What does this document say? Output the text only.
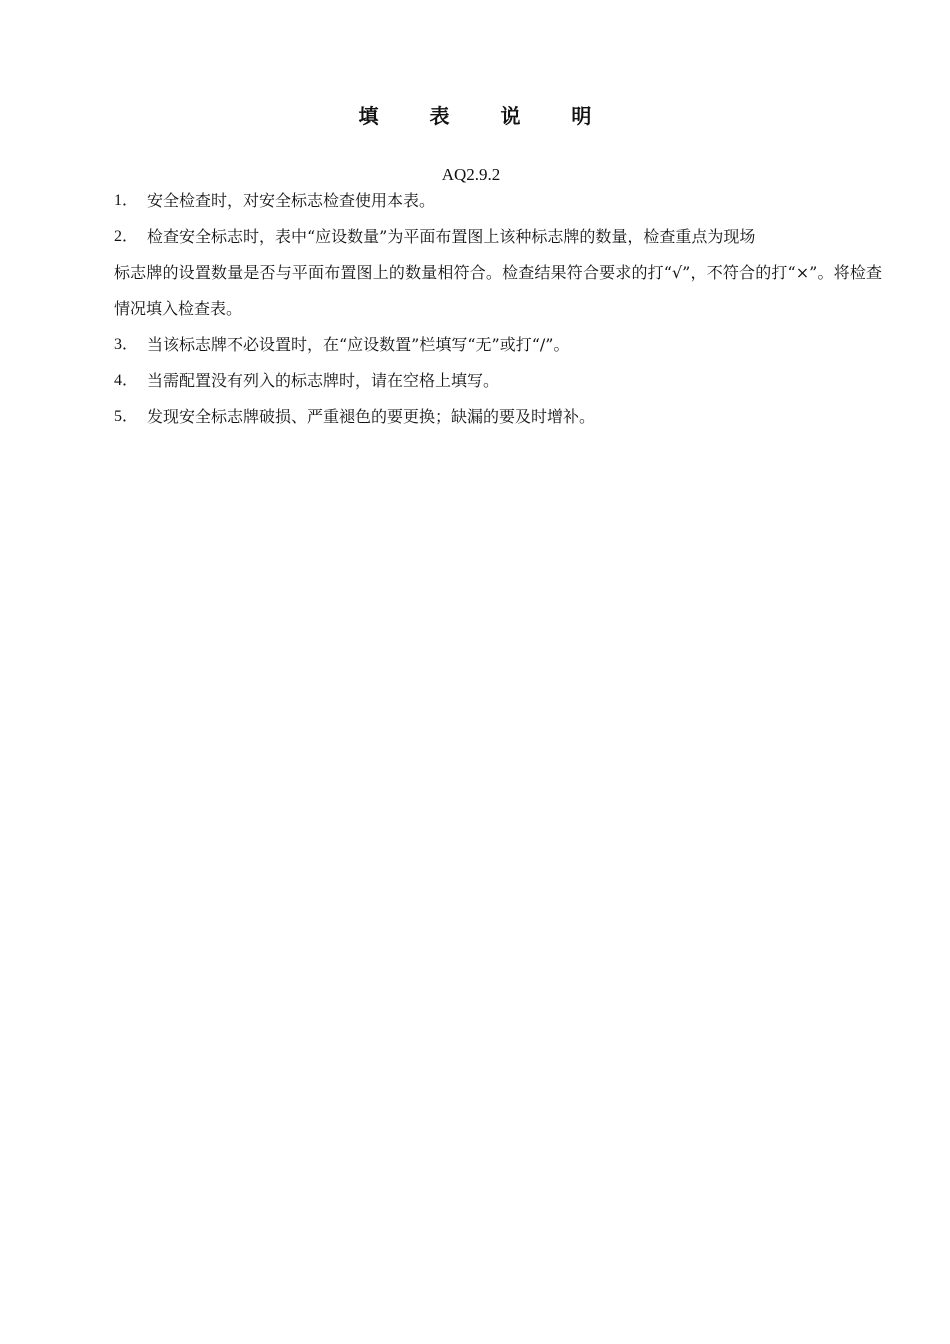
填 表 说 明
AQ2.9.2
1． 安全检查时，对安全标志检查使用本表。
2． 检查安全标志时，表中“应设数量”为平面布置图上该种标志牌的数量，检查重点为现场
标志牌的设置数量是否与平面布置图上的数量相符合。检查结果符合要求的打“√”，不符合的打“×”。将检查情况填入检查表。
3． 当该标志牌不必设置时，在“应设数置”栏填写“无”或打“/”。
4． 当需配置没有列入的标志牌时，请在空格上填写。
5． 发现安全标志牌破损、严重褪色的要更换；缺漏的要及时增补。
